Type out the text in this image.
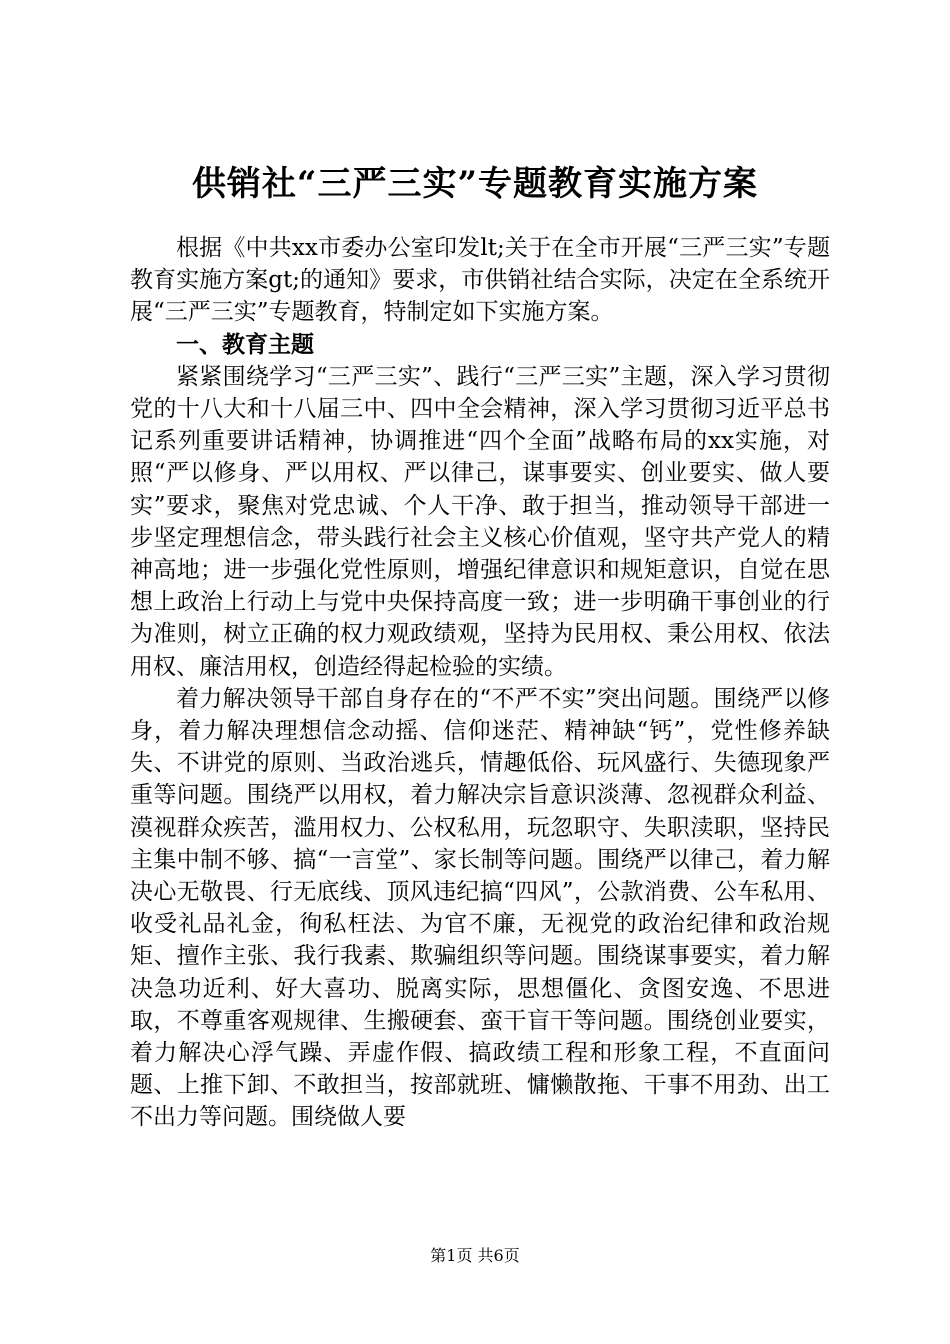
供销社“三严三实”专题教育实施方案

根据《中共xx市委办公室印发lt;关于在全市开展“三严三实”专题教育实施方案gt;的通知》要求，市供销社结合实际，决定在全系统开展“三严三实”专题教育，特制定如下实施方案。

一、教育主题

紧紧围绕学习“三严三实”、践行“三严三实”主题，深入学习贯彻党的十八大和十八届三中、四中全会精神，深入学习贯彻习近平总书记系列重要讲话精神，协调推进“四个全面”战略布局的xx实施，对照“严以修身、严以用权、严以律己，谋事要实、创业要实、做人要实”要求，聚焦对党忠诚、个人干净、敢于担当，推动领导干部进一步坚定理想信念，带头践行社会主义核心价值观，坚守共产党人的精神高地；进一步强化党性原则，增强纪律意识和规矩意识，自觉在思想上政治上行动上与党中央保持高度一致；进一步明确干事创业的行为准则，树立正确的权力观政绩观，坚持为民用权、秉公用权、依法用权、廉洁用权，创造经得起检验的实绩。

着力解决领导干部自身存在的“不严不实”突出问题。围绕严以修身，着力解决理想信念动摇、信仰迷茫、精神缺“钙”，党性修养缺失、不讲党的原则、当政治逃兵，情趣低俗、玩风盛行、失德现象严重等问题。围绕严以用权，着力解决宗旨意识淡薄、忽视群众利益、漠视群众疾苦，滥用权力、公权私用，玩忽职守、失职渎职，坚持民主集中制不够、搞“一言堂”、家长制等问题。围绕严以律己，着力解决心无敬畏、行无底线、顶风违纪搞“四风”，公款消费、公车私用、收受礼品礼金，徇私枉法、为官不廉，无视党的政治纪律和政治规矩、擅作主张、我行我素、欺骗组织等问题。围绕谋事要实，着力解决急功近利、好大喜功、脱离实际，思想僵化、贪图安逸、不思进取，不尊重客观规律、生搬硬套、蛮干盲干等问题。围绕创业要实，着力解决心浮气躁、弄虚作假、搞政绩工程和形象工程，不直面问题、上推下卸、不敢担当，按部就班、慵懒散拖、干事不用劲、出工不出力等问题。围绕做人要

第1页 共6页
